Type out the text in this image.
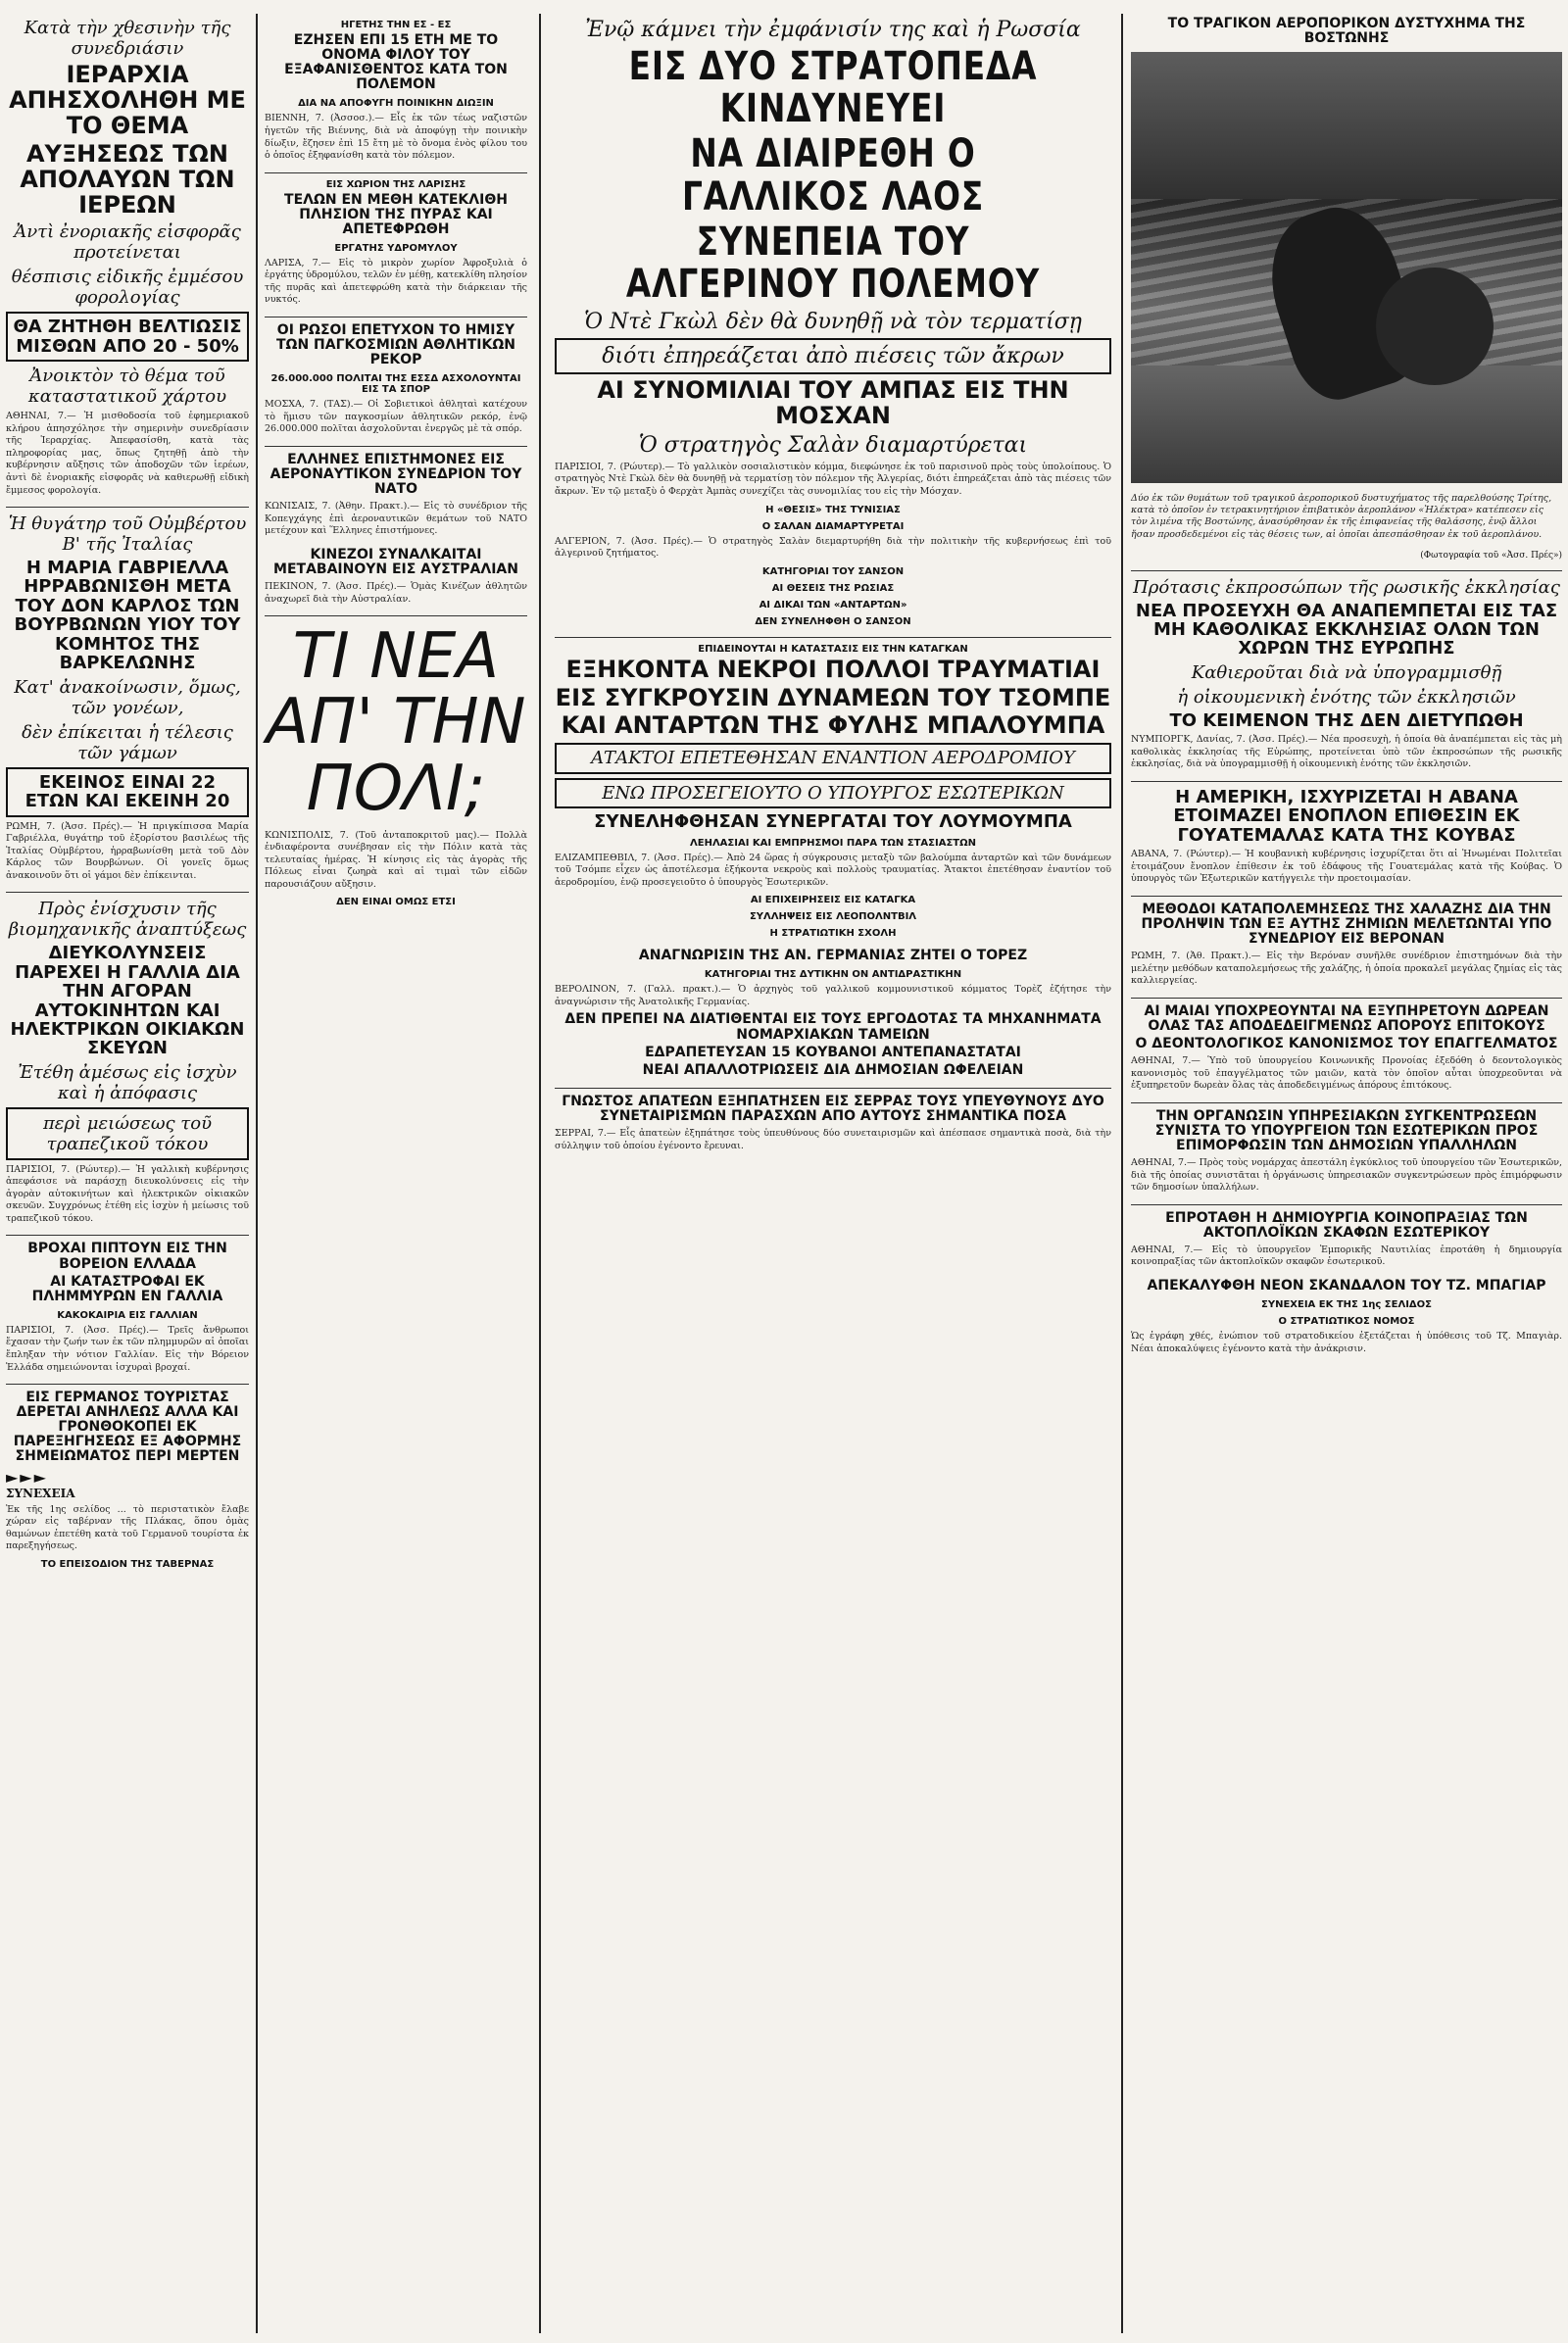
Κατὰ τὴν χθεσινὴν τῆς συνεδριάσιν
ΙΕΡΑΡΧΙΑ ΑΠΗΣΧΟΛΗΘΗ ΜΕ ΤΟ ΘΕΜΑ
ΑΥΞΗΣΕΩΣ ΤΩΝ ΑΠΟΛΑΥΩΝ ΤΩΝ ΙΕΡΕΩΝ
Ἀντὶ ἐνοριακῆς εἰσφορᾶς προτείνεται
θέσπισις εἰδικῆς ἐμμέσου φορολογίας
ΘΑ ΖΗΤΗΘΗ ΒΕΛΤΙΩΣΙΣ ΜΙΣΘΩΝ ΑΠΟ 20 - 50%
Ἀνοικτὸν τὸ θέμα τοῦ καταστατικοῦ χάρτου

ΑΘΗΝΑΙ, 7.— Ἡ μισθοδοσία τοῦ ἐφημεριακοῦ κλήρου ἀπησχόλησε τὴν σημερινὴν συνεδρίασιν τῆς Ἱεραρχίας. Ἀπεφασίσθη, κατὰ τὰς πληροφορίας μας, ὅπως ζητηθῇ ἀπὸ τὴν κυβέρνησιν αὔξησις τῶν ἀποδοχῶν τῶν ἱερέων, ἀντὶ δὲ ἐνοριακῆς εἰσφορᾶς νὰ καθιερωθῇ εἰδικὴ ἔμμεσος φορολογία.

Ἡ θυγάτηρ τοῦ Οὐμβέρτου Β' τῆς Ἰταλίας
Η ΜΑΡΙΑ ΓΑΒΡΙΕΛΛΑ ΗΡΡΑΒΩΝΙΣΘΗ ΜΕΤΑ ΤΟΥ ΔΟΝ ΚΑΡΛΟΣ ΤΩΝ ΒΟΥΡΒΩΝΩΝ ΥΙΟΥ ΤΟΥ ΚΟΜΗΤΟΣ ΤΗΣ ΒΑΡΚΕΛΩΝΗΣ
Κατ' ἀνακοίνωσιν, ὅμως, τῶν γονέων,
δὲν ἐπίκειται ἡ τέλεσις τῶν γάμων
ΕΚΕΙΝΟΣ ΕΙΝΑΙ 22 ΕΤΩΝ ΚΑΙ ΕΚΕΙΝΗ 20

ΡΩΜΗ, 7. (Ἀσσ. Πρές).— Ἡ πριγκίπισσα Μαρία Γαβριέλλα, θυγάτηρ τοῦ ἐξορίστου βασιλέως τῆς Ἰταλίας Οὐμβέρτου, ἠρραβωνίσθη μετὰ τοῦ Δὸν Κάρλος τῶν Βουρβώνων. Οἱ γονεῖς ὅμως ἀνακοινοῦν ὅτι οἱ γάμοι δὲν ἐπίκεινται.

Πρὸς ἐνίσχυσιν τῆς βιομηχανικῆς ἀναπτύξεως
ΔΙΕΥΚΟΛΥΝΣΕΙΣ ΠΑΡΕΧΕΙ Η ΓΑΛΛΙΑ ΔΙΑ ΤΗΝ ΑΓΟΡΑΝ ΑΥΤΟΚΙΝΗΤΩΝ ΚΑΙ ΗΛΕΚΤΡΙΚΩΝ ΟΙΚΙΑΚΩΝ ΣΚΕΥΩΝ
Ἐτέθη ἀμέσως εἰς ἰσχὺν καὶ ἡ ἀπόφασις
περὶ μειώσεως τοῦ τραπεζικοῦ τόκου

ΠΑΡΙΣΙΟΙ, 7. (Ρώυτερ).— Ἡ γαλλικὴ κυβέρνησις ἀπεφάσισε νὰ παράσχῃ διευκολύνσεις εἰς τὴν ἀγορὰν αὐτοκινήτων καὶ ἠλεκτρικῶν οἰκιακῶν σκευῶν. Συγχρόνως ἐτέθη εἰς ἰσχὺν ἡ μείωσις τοῦ τραπεζικοῦ τόκου.

ΒΡΟΧΑΙ ΠΙΠΤΟΥΝ ΕΙΣ ΤΗΝ ΒΟΡΕΙΟΝ ΕΛΛΑΔΑ
ΑΙ ΚΑΤΑΣΤΡΟΦΑΙ ΕΚ ΠΛΗΜΜΥΡΩΝ ΕΝ ΓΑΛΛΙΑ
ΚΑΚΟΚΑΙΡΙΑ ΕΙΣ ΓΑΛΛΙΑΝ

ΠΑΡΙΣΙΟΙ, 7. (Ἀσσ. Πρές).— Τρεῖς ἄνθρωποι ἔχασαν τὴν ζωήν των ἐκ τῶν πλημμυρῶν αἱ ὁποῖαι ἔπληξαν τὴν νότιον Γαλλίαν. Εἰς τὴν Βόρειον Ἑλλάδα σημειώνονται ἰσχυραὶ βροχαί.

ΕΙΣ ΓΕΡΜΑΝΟΣ ΤΟΥΡΙΣΤΑΣ ΔΕΡΕΤΑΙ ΑΝΗΛΕΩΣ ΑΛΛΑ ΚΑΙ ΓΡΟΝΘΟΚΟΠΕΙ ΕΚ ΠΑΡΕΞΗΓΗΣΕΩΣ ΕΞ ΑΦΟΡΜΗΣ ΣΗΜΕΙΩΜΑΤΟΣ ΠΕΡΙ ΜΕΡΤΕΝ
►►►
ΣΥΝΕΧΕΙΑ

Ἐκ τῆς 1ης σελίδος ... τὸ περιστατικὸν ἔλαβε χώραν εἰς ταβέρναν τῆς Πλάκας, ὅπου ὁμὰς θαμώνων ἐπετέθη κατὰ τοῦ Γερμανοῦ τουρίστα ἐκ παρεξηγήσεως.

ΤΟ ΕΠΕΙΣΟΔΙΟΝ ΤΗΣ ΤΑΒΕΡΝΑΣ
ΗΓΕΤΗΣ ΤΗΝ ΕΣ - ΕΣ
ΕΖΗΣΕΝ ΕΠΙ 15 ΕΤΗ ΜΕ ΤΟ ΟΝΟΜΑ ΦΙΛΟΥ ΤΟΥ ΕΞΑΦΑΝΙΣΘΕΝΤΟΣ ΚΑΤΑ ΤΟΝ ΠΟΛΕΜΟΝ
ΔΙΑ ΝΑ ΑΠΟΦΥΓΗ ΠΟΙΝΙΚΗΝ ΔΙΩΞΙΝ

ΒΙΕΝΝΗ, 7. (Ἀσσοσ.).— Εἷς ἐκ τῶν τέως ναζιστῶν ἡγετῶν τῆς Βιέννης, διὰ νὰ ἀποφύγῃ τὴν ποινικὴν δίωξιν, ἔζησεν ἐπὶ 15 ἔτη μὲ τὸ ὄνομα ἑνὸς φίλου του ὁ ὁποῖος ἐξηφανίσθη κατὰ τὸν πόλεμον.

ΕΙΣ ΧΩΡΙΟΝ ΤΗΣ ΛΑΡΙΣΗΣ
ΤΕΛΩΝ ΕΝ ΜΕΘΗ ΚΑΤΕΚΛΙΘΗ ΠΛΗΣΙΟΝ ΤΗΣ ΠΥΡΑΣ ΚΑΙ ΑΠΕΤΕΦΡΩΘΗ
ΕΡΓΑΤΗΣ ΥΔΡΟΜΥΛΟΥ

ΛΑΡΙΣΑ, 7.— Εἰς τὸ μικρὸν χωρίον Ἀφροξυλιὰ ὁ ἐργάτης ὑδρομύλου, τελῶν ἐν μέθῃ, κατεκλίθη πλησίον τῆς πυρᾶς καὶ ἀπετεφρώθη κατὰ τὴν διάρκειαν τῆς νυκτός.

ΟΙ ΡΩΣΟΙ ΕΠΕΤΥΧΟΝ ΤΟ ΗΜΙΣΥ ΤΩΝ ΠΑΓΚΟΣΜΙΩΝ ΑΘΛΗΤΙΚΩΝ ΡΕΚΟΡ
26.000.000 ΠΟΛΙΤΑΙ ΤΗΣ ΕΣΣΔ ΑΣΧΟΛΟΥΝΤΑΙ ΕΙΣ ΤΑ ΣΠΟΡ

ΜΟΣΧΑ, 7. (ΤΑΣ).— Οἱ Σοβιετικοὶ ἀθληταὶ κατέχουν τὸ ἥμισυ τῶν παγκοσμίων ἀθλητικῶν ρεκόρ, ἐνῷ 26.000.000 πολῖται ἀσχολοῦνται ἐνεργῶς μὲ τὰ σπόρ.

ΕΛΛΗΝΕΣ ΕΠΙΣΤΗΜΟΝΕΣ ΕΙΣ ΑΕΡΟΝΑΥΤΙΚΟΝ ΣΥΝΕΔΡΙΟΝ ΤΟΥ ΝΑΤΟ

ΚΩΝΙΣΑΙΣ, 7. (Ἀθην. Πρακτ.).— Εἰς τὸ συνέδριον τῆς Κοπεγχάγης ἐπὶ ἀεροναυτικῶν θεμάτων τοῦ ΝΑΤΟ μετέχουν καὶ Ἕλληνες ἐπιστήμονες.

ΚΙΝΕΖΟΙ ΣΥΝΑΛΚΑΙΤΑΙ ΜΕΤΑΒΑΙΝΟΥΝ ΕΙΣ ΑΥΣΤΡΑΛΙΑΝ

ΠΕΚΙΝΟΝ, 7. (Ἀσσ. Πρές).— Ὁμὰς Κινέζων ἀθλητῶν ἀναχωρεῖ διὰ τὴν Αὐστραλίαν.

ΤΙ ΝΕΑ ΑΠ' ΤΗΝ ΠΟΛΙ;

ΚΩΝΙΣΠΟΛΙΣ, 7. (Τοῦ ἀνταποκριτοῦ μας).— Πολλὰ ἐνδιαφέροντα συνέβησαν εἰς τὴν Πόλιν κατὰ τὰς τελευταίας ἡμέρας. Ἡ κίνησις εἰς τὰς ἀγορὰς τῆς Πόλεως εἶναι ζωηρὰ καὶ αἱ τιμαὶ τῶν εἰδῶν παρουσιάζουν αὔξησιν.

ΔΕΝ ΕΙΝΑΙ ΟΜΩΣ ΕΤΣΙ
Ἐνῷ κάμνει τὴν ἐμφάνισίν της καὶ ἡ Ρωσσία
ΕΙΣ ΔΥΟ ΣΤΡΑΤΟΠΕΔΑ ΚΙΝΔΥΝΕΥΕΙ
ΝΑ ΔΙΑΙΡΕΘΗ Ο ΓΑΛΛΙΚΟΣ ΛΑΟΣ
ΣΥΝΕΠΕΙΑ ΤΟΥ ΑΛΓΕΡΙΝΟΥ ΠΟΛΕΜΟΥ
Ὁ Ντὲ Γκὼλ δὲν θὰ δυνηθῇ νὰ τὸν τερματίσῃ
διότι ἐπηρεάζεται ἀπὸ πιέσεις τῶν ἄκρων
ΑΙ ΣΥΝΟΜΙΛΙΑΙ ΤΟΥ ΑΜΠΑΣ ΕΙΣ ΤΗΝ ΜΟΣΧΑΝ
Ὁ στρατηγὸς Σαλὰν διαμαρτύρεται

ΠΑΡΙΣΙΟΙ, 7. (Ρώυτερ).— Τὸ γαλλικὸν σοσιαλιστικὸν κόμμα, διεφώνησε ἐκ τοῦ παρισινοῦ πρὸς τοὺς ὑπολοίπους. Ὁ στρατηγὸς Ντὲ Γκὼλ δὲν θὰ δυνηθῇ νὰ τερματίσῃ τὸν πόλεμον τῆς Ἀλγερίας, διότι ἐπηρεάζεται ἀπὸ τὰς πιέσεις τῶν ἄκρων. Ἐν τῷ μεταξὺ ὁ Φερχὰτ Ἀμπὰς συνεχίζει τὰς συνομιλίας του εἰς τὴν Μόσχαν.

Η «ΘΕΣΙΣ» ΤΗΣ ΤΥΝΙΣΙΑΣ
Ο ΣΑΛΑΝ ΔΙΑΜΑΡΤΥΡΕΤΑΙ

ΑΛΓΕΡΙΟΝ, 7. (Ἀσσ. Πρές).— Ὁ στρατηγὸς Σαλὰν διεμαρτυρήθη διὰ τὴν πολιτικὴν τῆς κυβερνήσεως ἐπὶ τοῦ ἀλγερινοῦ ζητήματος.

ΚΑΤΗΓΟΡΙΑΙ ΤΟΥ ΣΑΝΣΟΝ
ΑΙ ΘΕΣΕΙΣ ΤΗΣ ΡΩΣΙΑΣ
ΑΙ ΔΙΚΑΙ ΤΩΝ «ΑΝΤΑΡΤΩΝ»
ΔΕΝ ΣΥΝΕΛΗΦΘΗ Ο ΣΑΝΣΟΝ
ΕΠΙΔΕΙΝΟΥΤΑΙ Η ΚΑΤΑΣΤΑΣΙΣ ΕΙΣ ΤΗΝ ΚΑΤΑΓΚΑΝ
ΕΞΗΚΟΝΤΑ ΝΕΚΡΟΙ ΠΟΛΛΟΙ ΤΡΑΥΜΑΤΙΑΙ
ΕΙΣ ΣΥΓΚΡΟΥΣΙΝ ΔΥΝΑΜΕΩΝ ΤΟΥ ΤΣΟΜΠΕ
ΚΑΙ ΑΝΤΑΡΤΩΝ ΤΗΣ ΦΥΛΗΣ ΜΠΑΛΟΥΜΠΑ
ΑΤΑΚΤΟΙ ΕΠΕΤΕΘΗΣΑΝ ΕΝΑΝΤΙΟΝ ΑΕΡΟΔΡΟΜΙΟΥ
ΕΝΩ ΠΡΟΣΕΓΕΙΟΥΤΟ Ο ΥΠΟΥΡΓΟΣ ΕΣΩΤΕΡΙΚΩΝ
ΣΥΝΕΛΗΦΘΗΣΑΝ ΣΥΝΕΡΓΑΤΑΙ ΤΟΥ ΛΟΥΜΟΥΜΠΑ
ΛΕΗΛΑΣΙΑΙ ΚΑΙ ΕΜΠΡΗΣΜΟΙ ΠΑΡΑ ΤΩΝ ΣΤΑΣΙΑΣΤΩΝ

ΕΛΙΖΑΜΠΕΘΒΙΛ, 7. (Ἀσσ. Πρές).— Ἀπὸ 24 ὥρας ἡ σύγκρουσις μεταξὺ τῶν βαλούμπα ἀνταρτῶν καὶ τῶν δυνάμεων τοῦ Τσόμπε εἶχεν ὡς ἀποτέλεσμα ἑξήκοντα νεκροὺς καὶ πολλοὺς τραυματίας. Ἄτακτοι ἐπετέθησαν ἐναντίον τοῦ ἀεροδρομίου, ἐνῷ προσεγειοῦτο ὁ ὑπουργὸς Ἐσωτερικῶν.

ΑΙ ΕΠΙΧΕΙΡΗΣΕΙΣ ΕΙΣ ΚΑΤΑΓΚΑ
ΣΥΛΛΗΨΕΙΣ ΕΙΣ ΛΕΟΠΟΛΝΤΒΙΛ
Η ΣΤΡΑΤΙΩΤΙΚΗ ΣΧΟΛΗ
ΑΝΑΓΝΩΡΙΣΙΝ ΤΗΣ ΑΝ. ΓΕΡΜΑΝΙΑΣ ΖΗΤΕΙ Ο ΤΟΡΕΖ
ΚΑΤΗΓΟΡΙΑΙ ΤΗΣ ΔΥΤΙΚΗΝ ΟΝ ΑΝΤΙΔΡΑΣΤΙΚΗΝ

ΒΕΡΟΛΙΝΟΝ, 7. (Γαλλ. πρακτ.).— Ὁ ἀρχηγὸς τοῦ γαλλικοῦ κομμουνιστικοῦ κόμματος Τορὲζ ἐζήτησε τὴν ἀναγνώρισιν τῆς Ἀνατολικῆς Γερμανίας.

ΔΕΝ ΠΡΕΠΕΙ ΝΑ ΔΙΑΤΙΘΕΝΤΑΙ ΕΙΣ ΤΟΥΣ ΕΡΓΟΔΟΤΑΣ ΤΑ ΜΗΧΑΝΗΜΑΤΑ ΝΟΜΑΡΧΙΑΚΩΝ ΤΑΜΕΙΩΝ
ΕΔΡΑΠΕΤΕΥΣΑΝ 15 ΚΟΥΒΑΝΟΙ ΑΝΤΕΠΑΝΑΣΤΑΤΑΙ
ΝΕΑΙ ΑΠΑΛΛΟΤΡΙΩΣΕΙΣ ΔΙΑ ΔΗΜΟΣΙΑΝ ΩΦΕΛΕΙΑΝ
ΓΝΩΣΤΟΣ ΑΠΑΤΕΩΝ ΕΞΗΠΑΤΗΣΕΝ ΕΙΣ ΣΕΡΡΑΣ ΤΟΥΣ ΥΠΕΥΘΥΝΟΥΣ ΔΥΟ ΣΥΝΕΤΑΙΡΙΣΜΩΝ ΠΑΡΑΣΧΩΝ ΑΠΟ ΑΥΤΟΥΣ ΣΗΜΑΝΤΙΚΑ ΠΟΣΑ

ΣΕΡΡΑΙ, 7.— Εἷς ἀπατεὼν ἐξηπάτησε τοὺς ὑπευθύνους δύο συνεταιρισμῶν καὶ ἀπέσπασε σημαντικὰ ποσὰ, διὰ τὴν σύλληψιν τοῦ ὁποίου ἐγένοντο ἔρευναι.

ΤΟ ΤΡΑΓΙΚΟΝ ΑΕΡΟΠΟΡΙΚΟΝ ΔΥΣΤΥΧΗΜΑ ΤΗΣ ΒΟΣΤΩΝΗΣ

Δύο ἐκ τῶν θυμάτων τοῦ τραγικοῦ ἀεροπορικοῦ δυστυχήματος τῆς παρελθούσης Τρίτης, κατὰ τὸ ὁποῖον ἐν τετρακινητήριον ἐπιβατικὸν ἀεροπλάνον «Ἠλέκτρα» κατέπεσεν εἰς τὸν λιμένα τῆς Βοστώνης, ἀνασύρθησαν ἐκ τῆς ἐπιφανείας τῆς θαλάσσης, ἐνῷ ἄλλοι ἤσαν προσδεδεμένοι εἰς τὰς θέσεις των, αἱ ὁποῖαι ἀπεσπάσθησαν ἐκ τοῦ ἀεροπλάνου.

(Φωτογραφία τοῦ «Ἀσσ. Πρές»)
Πρότασις ἐκπροσώπων τῆς ρωσικῆς ἐκκλησίας
ΝΕΑ ΠΡΟΣΕΥΧΗ ΘΑ ΑΝΑΠΕΜΠΕΤΑΙ ΕΙΣ ΤΑΣ ΜΗ ΚΑΘΟΛΙΚΑΣ ΕΚΚΛΗΣΙΑΣ ΟΛΩΝ ΤΩΝ ΧΩΡΩΝ ΤΗΣ ΕΥΡΩΠΗΣ
Καθιεροῦται διὰ νὰ ὑπογραμμισθῇ
ἡ οἰκουμενικὴ ἑνότης τῶν ἐκκλησιῶν
ΤΟ ΚΕΙΜΕΝΟΝ ΤΗΣ ΔΕΝ ΔΙΕΤΥΠΩΘΗ

ΝΥΜΠΟΡΓΚ, Δανίας, 7. (Ἀσσ. Πρές).— Νέα προσευχὴ, ἡ ὁποία θὰ ἀναπέμπεται εἰς τὰς μὴ καθολικὰς ἐκκλησίας τῆς Εὐρώπης, προτείνεται ὑπὸ τῶν ἐκπροσώπων τῆς ρωσικῆς ἐκκλησίας, διὰ νὰ ὑπογραμμισθῇ ἡ οἰκουμενικὴ ἑνότης τῶν ἐκκλησιῶν.

Η ΑΜΕΡΙΚΗ, ΙΣΧΥΡΙΖΕΤΑΙ Η ΑΒΑΝΑ ΕΤΟΙΜΑΖΕΙ ΕΝΟΠΛΟΝ ΕΠΙΘΕΣΙΝ ΕΚ ΓΟΥΑΤΕΜΑΛΑΣ ΚΑΤΑ ΤΗΣ ΚΟΥΒΑΣ

ΑΒΑΝΑ, 7. (Ρώυτερ).— Ἡ κουβανικὴ κυβέρνησις ἰσχυρίζεται ὅτι αἱ Ἡνωμέναι Πολιτεῖαι ἑτοιμάζουν ἔνοπλον ἐπίθεσιν ἐκ τοῦ ἐδάφους τῆς Γουατεμάλας κατὰ τῆς Κούβας. Ὁ ὑπουργὸς τῶν Ἐξωτερικῶν κατήγγειλε τὴν προετοιμασίαν.

ΜΕΘΟΔΟΙ ΚΑΤΑΠΟΛΕΜΗΣΕΩΣ ΤΗΣ ΧΑΛΑΖΗΣ ΔΙΑ ΤΗΝ ΠΡΟΛΗΨΙΝ ΤΩΝ ΕΞ ΑΥΤΗΣ ΖΗΜΙΩΝ ΜΕΛΕΤΩΝΤΑΙ ΥΠΟ ΣΥΝΕΔΡΙΟΥ ΕΙΣ ΒΕΡΟΝΑΝ

ΡΩΜΗ, 7. (Ἀθ. Πρακτ.).— Εἰς τὴν Βερόναν συνῆλθε συνέδριον ἐπιστημόνων διὰ τὴν μελέτην μεθόδων καταπολεμήσεως τῆς χαλάζης, ἡ ὁποία προκαλεῖ μεγάλας ζημίας εἰς τὰς καλλιεργείας.

ΑΙ ΜΑΙΑΙ ΥΠΟΧΡΕΟΥΝΤΑΙ ΝΑ ΕΞΥΠΗΡΕΤΟΥΝ ΔΩΡΕΑΝ ΟΛΑΣ ΤΑΣ ΑΠΟΔΕΔΕΙΓΜΕΝΩΣ ΑΠΟΡΟΥΣ ΕΠΙΤΟΚΟΥΣ
Ο ΔΕΟΝΤΟΛΟΓΙΚΟΣ ΚΑΝΟΝΙΣΜΟΣ ΤΟΥ ΕΠΑΓΓΕΛΜΑΤΟΣ

ΑΘΗΝΑΙ, 7.— Ὑπὸ τοῦ ὑπουργείου Κοινωνικῆς Προνοίας ἐξεδόθη ὁ δεοντολογικὸς κανονισμὸς τοῦ ἐπαγγέλματος τῶν μαιῶν, κατὰ τὸν ὁποῖον αὗται ὑποχρεοῦνται νὰ ἐξυπηρετοῦν δωρεὰν ὅλας τὰς ἀποδεδειγμένως ἀπόρους ἐπιτόκους.

ΤΗΝ ΟΡΓΑΝΩΣΙΝ ΥΠΗΡΕΣΙΑΚΩΝ ΣΥΓΚΕΝΤΡΩΣΕΩΝ ΣΥΝΙΣΤΑ ΤΟ ΥΠΟΥΡΓΕΙΟΝ ΤΩΝ ΕΣΩΤΕΡΙΚΩΝ ΠΡΟΣ ΕΠΙΜΟΡΦΩΣΙΝ ΤΩΝ ΔΗΜΟΣΙΩΝ ΥΠΑΛΛΗΛΩΝ

ΑΘΗΝΑΙ, 7.— Πρὸς τοὺς νομάρχας ἀπεστάλη ἐγκύκλιος τοῦ ὑπουργείου τῶν Ἐσωτερικῶν, διὰ τῆς ὁποίας συνιστᾶται ἡ ὀργάνωσις ὑπηρεσιακῶν συγκεντρώσεων πρὸς ἐπιμόρφωσιν τῶν δημοσίων ὑπαλλήλων.

ΕΠΡΟΤΑΘΗ Η ΔΗΜΙΟΥΡΓΙΑ ΚΟΙΝΟΠΡΑΞΙΑΣ ΤΩΝ ΑΚΤΟΠΛΟΪΚΩΝ ΣΚΑΦΩΝ ΕΣΩΤΕΡΙΚΟΥ

ΑΘΗΝΑΙ, 7.— Εἰς τὸ ὑπουργεῖον Ἐμπορικῆς Ναυτιλίας ἐπροτάθη ἡ δημιουργία κοινοπραξίας τῶν ἀκτοπλοϊκῶν σκαφῶν ἐσωτερικοῦ.

ΑΠΕΚΑΛΥΦΘΗ ΝΕΟΝ ΣΚΑΝΔΑΛΟΝ ΤΟΥ ΤΖ. ΜΠΑΓΙΑΡ
ΣΥΝΕΧΕΙΑ ΕΚ ΤΗΣ 1ης ΣΕΛΙΔΟΣ
Ο ΣΤΡΑΤΙΩΤΙΚΟΣ ΝΟΜΟΣ

Ὡς ἐγράφη χθές, ἐνώπιον τοῦ στρατοδικείου ἐξετάζεται ἡ ὑπόθεσις τοῦ Τζ. Μπαγιὰρ. Νέαι ἀποκαλύψεις ἐγένοντο κατὰ τὴν ἀνάκρισιν.
